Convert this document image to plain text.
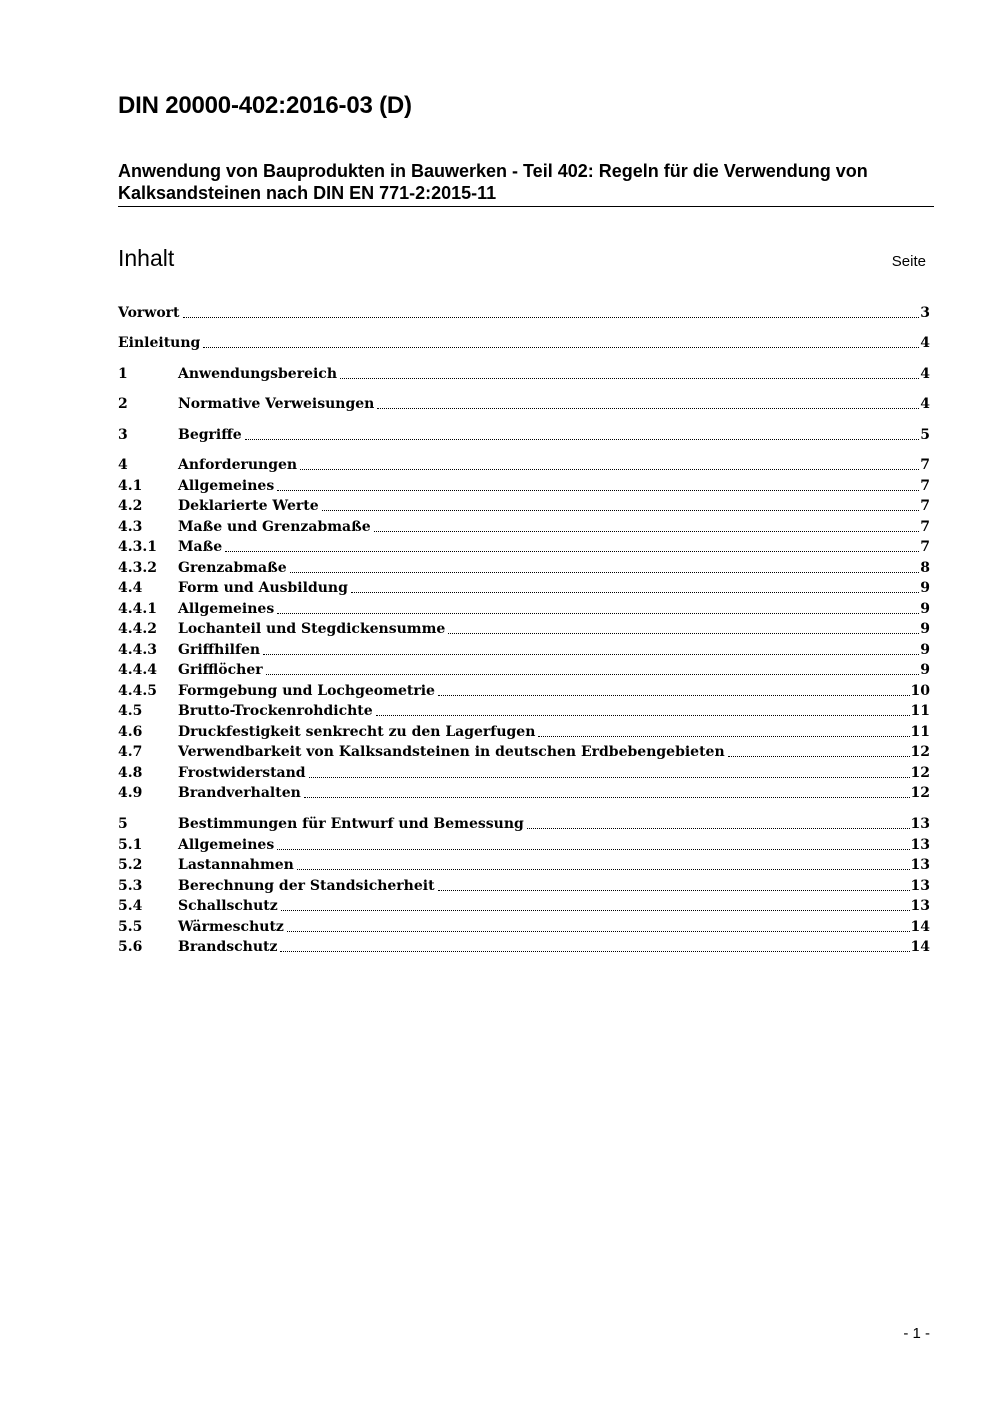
DIN 20000-402:2016-03 (D)
Anwendung von Bauprodukten in Bauwerken - Teil 402: Regeln für die Verwendung von Kalksandsteinen nach DIN EN 771-2:2015-11
Inhalt	Seite
Vorwort	3
Einleitung	4
1	Anwendungsbereich	4
2	Normative Verweisungen	4
3	Begriffe	5
4	Anforderungen	7
4.1	Allgemeines	7
4.2	Deklarierte Werte	7
4.3	Maße und Grenzabmaße	7
4.3.1	Maße	7
4.3.2	Grenzabmaße	8
4.4	Form und Ausbildung	9
4.4.1	Allgemeines	9
4.4.2	Lochanteil und Stegdickensumme	9
4.4.3	Griffhilfen	9
4.4.4	Grifflöcher	9
4.4.5	Formgebung und Lochgeometrie	10
4.5	Brutto-Trockenrohdichte	11
4.6	Druckfestigkeit senkrecht zu den Lagerfugen	11
4.7	Verwendbarkeit von Kalksandsteinen in deutschen Erdbebengebieten	12
4.8	Frostwiderstand	12
4.9	Brandverhalten	12
5	Bestimmungen für Entwurf und Bemessung	13
5.1	Allgemeines	13
5.2	Lastannahmen	13
5.3	Berechnung der Standsicherheit	13
5.4	Schallschutz	13
5.5	Wärmeschutz	14
5.6	Brandschutz	14
- 1 -
